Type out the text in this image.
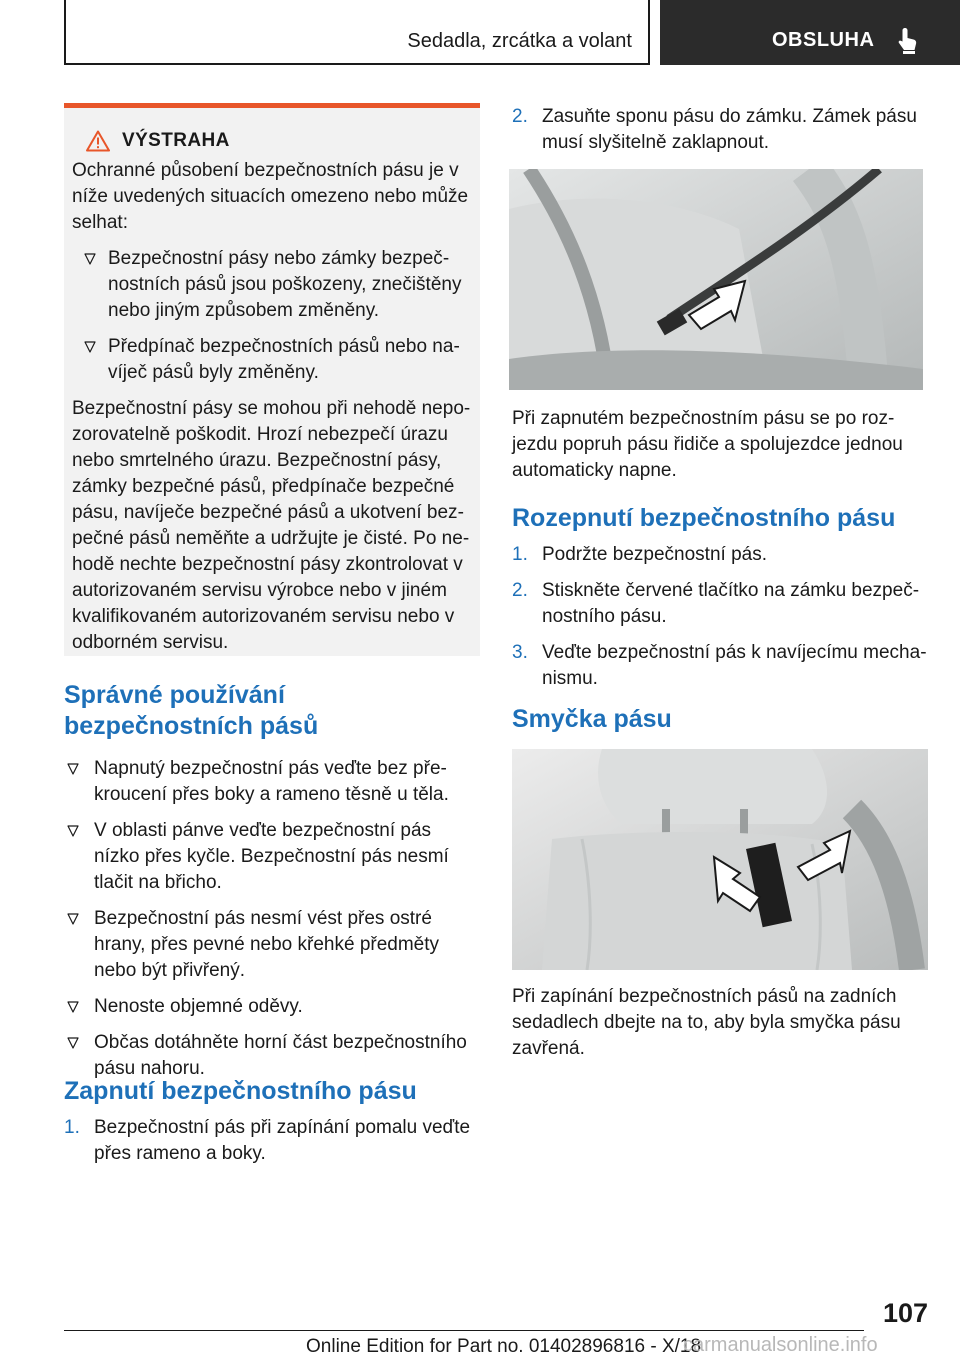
Sedadla, zrcátka a volant	OBSLUHA
VÝSTRAHA

Ochranné působení bezpečnostních pásu je v níže uvedených situacích omezeno nebo může selhat:

Bezpečnostní pásy nebo zámky bezpečnostních pásů jsou poškozeny, znečištěny nebo jiným způsobem změněny.
Předpínač bezpečnostních pásů nebo navíječ pásů byly změněny.

Bezpečnostní pásy se mohou při nehodě nepozorovatelně poškodit. Hrozí nebezpečí úrazu nebo smrtelného úrazu. Bezpečnostní pásy, zámky bezpečné pásů, předpínače bezpečné pásu, navíječe bezpečné pásů a ukotvení bezpečné pásů neměňte a udržujte je čisté. Po nehodě nechte bezpečnostní pásy zkontrolovat v autorizovaném servisu výrobce nebo v jiném kvalifikovaném autorizovaném servisu nebo v odborném servisu.

Správné používání bezpečnostních pásů
Napnutý bezpečnostní pás veďte bez překroucení přes boky a rameno těsně u těla.
V oblasti pánve veďte bezpečnostní pás nízko přes kyčle. Bezpečnostní pás nesmí tlačit na břicho.
Bezpečnostní pás nesmí vést přes ostré hrany, přes pevné nebo křehké předměty nebo být přivřený.
Nenoste objemné oděvy.
Občas dotáhněte horní část bezpečnostního pásu nahoru.
Zapnutí bezpečnostního pásu
1. Bezpečnostní pás při zapínání pomalu veďte přes rameno a boky.
2. Zasuňte sponu pásu do zámku. Zámek pásu musí slyšitelně zaklapnout.

Při zapnutém bezpečnostním pásu se po rozjezdu popruh pásu řidiče a spolujezdce jednou automaticky napne.

Rozepnutí bezpečnostního pásu
1. Podržte bezpečnostní pás.
2. Stiskněte červené tlačítko na zámku bezpečnostního pásu.
3. Veďte bezpečnostní pás k navíjecímu mechanismu.
Smyčka pásu

Při zapínání bezpečnostních pásů na zadních sedadlech dbejte na to, aby byla smyčka pásu zavřená.

107
Online Edition for Part no. 01402896816 - X/18
carmanualsonline.info
